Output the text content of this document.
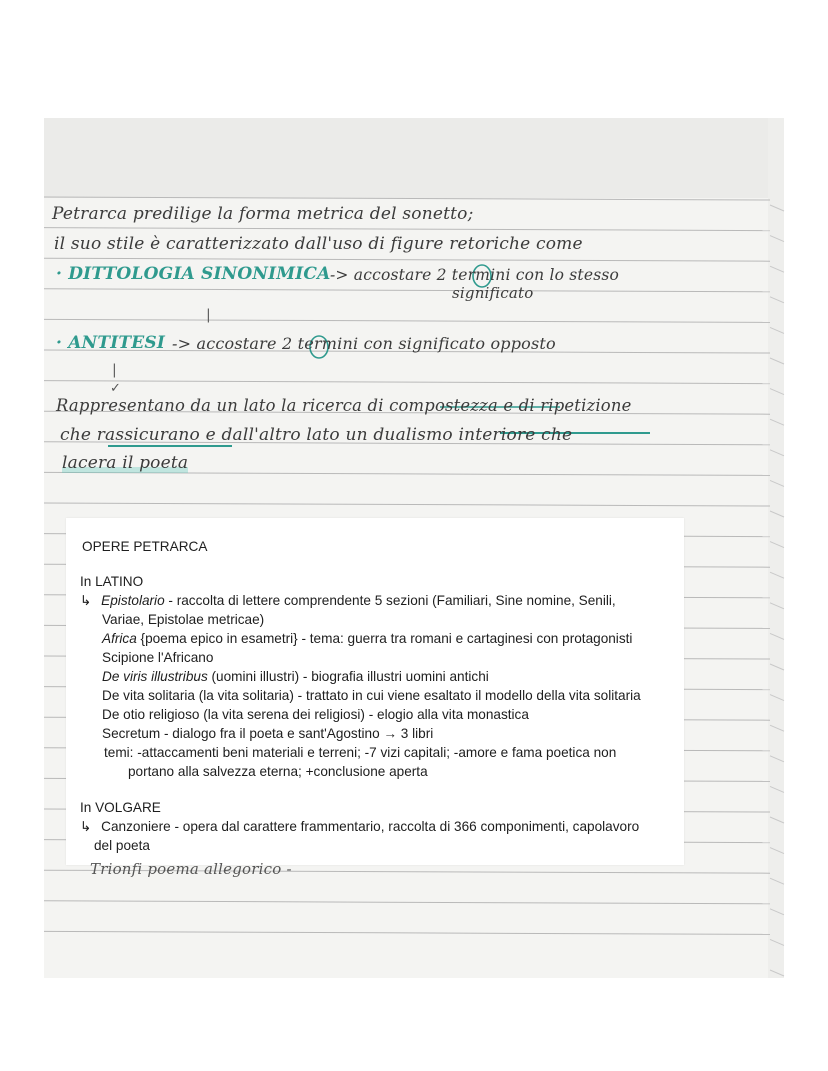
|
|
✓
Petrarca predilige la forma metrica del sonetto;
il suo stile è caratterizzato dall'uso di figure retoriche come
· DITTOLOGIA SINONIMICA -> accostare 2 termini con lo stesso
significato
· ANTITESI -> accostare 2 termini con significato opposto
Rappresentano da un lato la ricerca di compostezza e di ripetizione
che rassicurano e dall'altro lato un dualismo interiore che
lacera il poeta
OPERE PETRARCA
In LATINO
↳ Epistolario - raccolta di lettere comprendente 5 sezioni (Familiari, Sine nomine, Senili,
Variae, Epistolae metricae)
Africa {poema epico in esametri} - tema: guerra tra romani e cartaginesi con protagonisti
Scipione l'Africano
De viris illustribus (uomini illustri) - biografia illustri uomini antichi
De vita solitaria (la vita solitaria) - trattato in cui viene esaltato il modello della vita solitaria
De otio religioso (la vita serena dei religiosi) - elogio alla vita monastica
Secretum - dialogo fra il poeta e sant'Agostino → 3 libri
temi: -attaccamenti beni materiali e terreni; -7 vizi capitali; -amore e fama poetica non
portano alla salvezza eterna; +conclusione aperta
In VOLGARE
↳ Canzoniere - opera dal carattere frammentario, raccolta di 366 componimenti, capolavoro
del poeta
Trionfi poema allegorico -
